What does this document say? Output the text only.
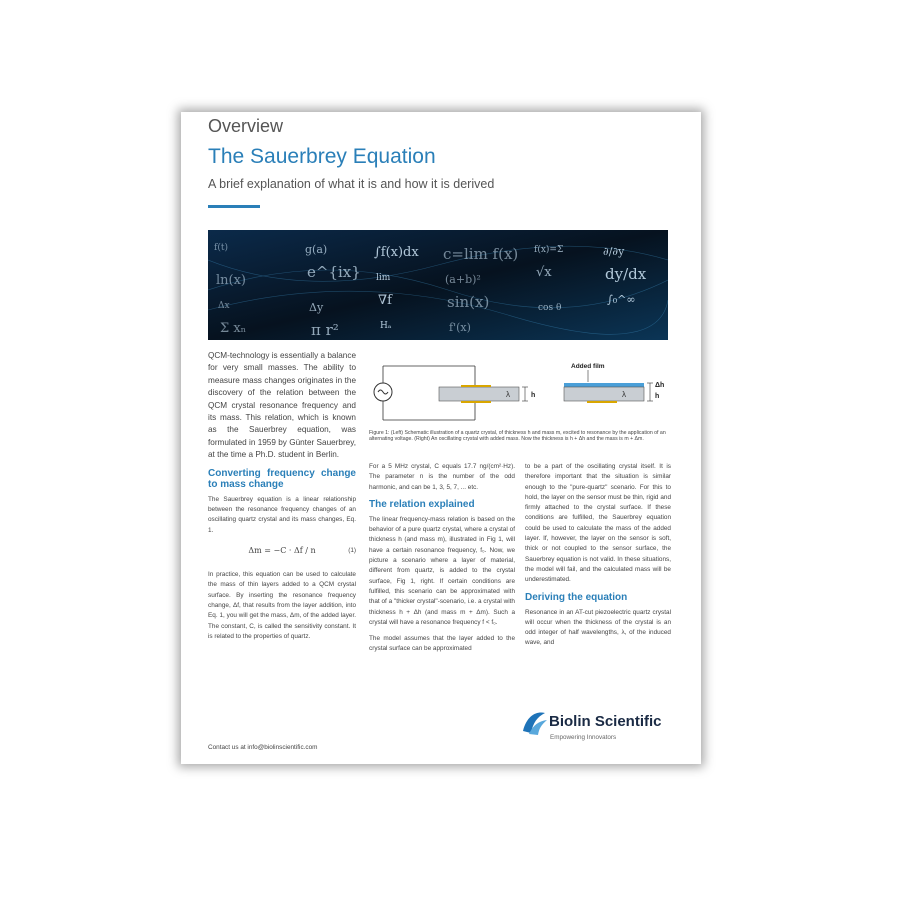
Overview
The Sauerbrey Equation
A brief explanation of what it is and how it is derived
f(t)	g(a)	∫f(x)dx c=lim f(x) f(x)=Σ	∂/∂y
ln(x)	e^{ix} lim	(a+b)²	√x	dy/dx
Δx	Δy	∇f	sin(x)	cos θ
∫₀^∞
Σ xₙ	π r²	Hₐ	f'(x)

QCM-technology is essentially a balance for very small masses. The ability to measure mass changes originates in the discovery of the relation between the QCM crystal resonance frequency and its mass. This relation, which is known as the Sauerbrey equation, was formulated in 1959 by Günter Sauerbrey, at the time a Ph.D. student in Berlin.

Converting frequency change to mass change

The Sauerbrey equation is a linear relationship between the resonance frequency changes of an oscillating quartz crystal and its mass changes, Eq. 1.

Δm = −C · Δf / n	(1)

In practice, this equation can be used to calculate the mass of thin layers added to a QCM crystal surface. By inserting the resonance frequency change, Δf, that results from the layer addition, into Eq. 1, you will get the mass, Δm, of the added layer. The constant, C, is called the sensitivity constant. It is related to the properties of quartz.

λ	h
Added film
λ
Δh
h
Figure 1: (Left) Schematic illustration of a quartz crystal, of thickness h and mass m, excited to resonance by the application of an alternating voltage. (Right) An oscillating crystal with added mass. Now the thickness is h + Δh and the mass is m + Δm.

For a 5 MHz crystal, C equals 17.7 ng/(cm²·Hz). The parameter n is the number of the odd harmonic, and can be 1, 3, 5, 7, ... etc.

The relation explained

The linear frequency-mass relation is based on the behavior of a pure quartz crystal, where a crystal of thickness h (and mass m), illustrated in Fig 1, will have a certain resonance frequency, f₀. Now, we picture a scenario where a layer of material, different from quartz, is added to the crystal surface, Fig 1, right. If certain conditions are fulfilled, this scenario can be approximated with that of a "thicker crystal"-scenario, i.e. a crystal with thickness h + Δh (and mass m + Δm). Such a crystal will have a resonance frequency f < f₀.

The model assumes that the layer added to the crystal surface can be approximated

to be a part of the oscillating crystal itself. It is therefore important that the situation is similar enough to the "pure-quartz" scenario. For this to hold, the layer on the sensor must be thin, rigid and firmly attached to the crystal surface. If these conditions are fulfilled, the Sauerbrey equation could be used to calculate the mass of the added layer. If, however, the layer on the sensor is soft, thick or not coupled to the sensor surface, the Sauerbrey equation is not valid. In these situations, the model will fail, and the calculated mass will be underestimated.

Deriving the equation

Resonance in an AT-cut piezoelectric quartz crystal will occur when the thickness of the crystal is an odd integer of half wavelengths, λ, of the induced wave, and

Contact us at info@biolinscientific.com
Biolin Scientific
Empowering Innovators
